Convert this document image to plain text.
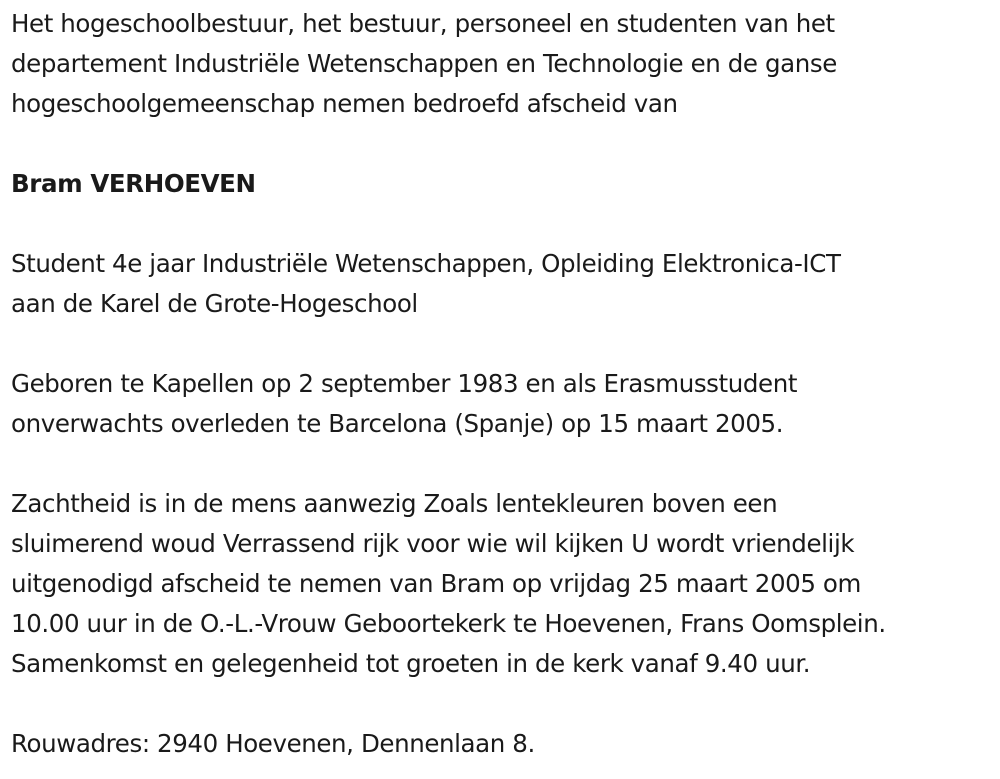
Het hogeschoolbestuur, het bestuur, personeel en studenten van het
departement Industriële Wetenschappen en Technologie en de ganse
hogeschoolgemeenschap nemen bedroefd afscheid van
Bram VERHOEVEN
Student 4e jaar Industriële Wetenschappen, Opleiding Elektronica-ICT
aan de Karel de Grote-Hogeschool
Geboren te Kapellen op 2 september 1983 en als Erasmusstudent
onverwachts overleden te Barcelona (Spanje) op 15 maart 2005.
Zachtheid is in de mens aanwezig Zoals lentekleuren boven een
sluimerend woud Verrassend rijk voor wie wil kijken U wordt vriendelijk
uitgenodigd afscheid te nemen van Bram op vrijdag 25 maart 2005 om
10.00 uur in de O.-L.-Vrouw Geboortekerk te Hoevenen, Frans Oomsplein.
Samenkomst en gelegenheid tot groeten in de kerk vanaf 9.40 uur.
Rouwadres: 2940 Hoevenen, Dennenlaan 8.
